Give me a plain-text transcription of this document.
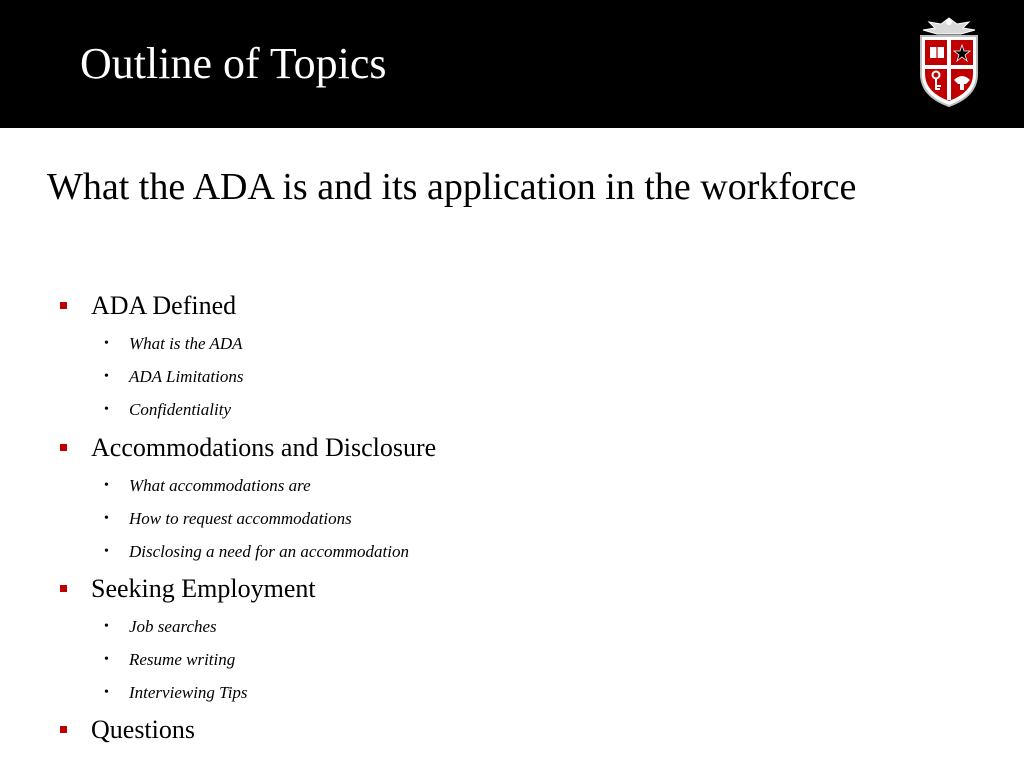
Outline of Topics
What the ADA is and its application in the workforce
ADA Defined
• What is the ADA
• ADA Limitations
• Confidentiality
Accommodations and Disclosure
• What accommodations are
• How to request accommodations
• Disclosing a need for an accommodation
Seeking Employment
• Job searches
• Resume writing
• Interviewing Tips
Questions
